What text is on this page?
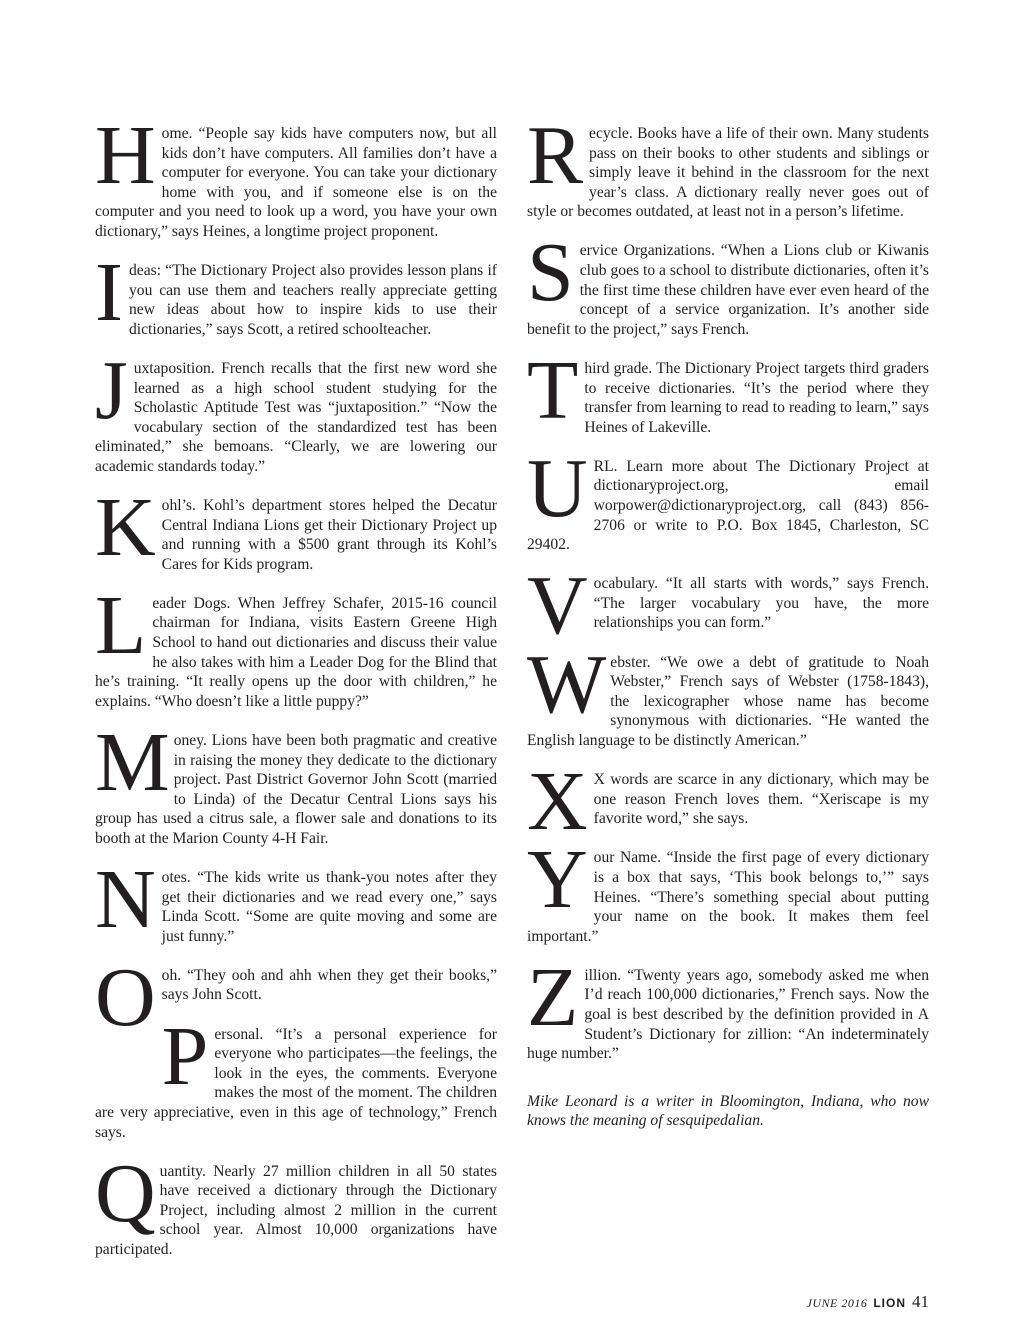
Home. “People say kids have computers now, but all kids don’t have computers. All families don’t have a computer for everyone. You can take your dictionary home with you, and if someone else is on the computer and you need to look up a word, you have your own dictionary,” says Heines, a longtime project proponent.

Ideas: “The Dictionary Project also provides lesson plans if you can use them and teachers really appreciate getting new ideas about how to inspire kids to use their dictionaries,” says Scott, a retired schoolteacher.

Juxtaposition. French recalls that the first new word she learned as a high school student studying for the Scholastic Aptitude Test was “juxtaposition.” “Now the vocabulary section of the standardized test has been eliminated,” she bemoans. “Clearly, we are lowering our academic standards today.”

Kohl’s. Kohl’s department stores helped the Decatur Central Indiana Lions get their Dictionary Project up and running with a $500 grant through its Kohl’s Cares for Kids program.

Leader Dogs. When Jeffrey Schafer, 2015-16 council chairman for Indiana, visits Eastern Greene High School to hand out dictionaries and discuss their value he also takes with him a Leader Dog for the Blind that he’s training. “It really opens up the door with children,” he explains. “Who doesn’t like a little puppy?”

Money. Lions have been both pragmatic and creative in raising the money they dedicate to the dictionary project. Past District Governor John Scott (married to Linda) of the Decatur Central Lions says his group has used a citrus sale, a flower sale and donations to its booth at the Marion County 4-H Fair.

Notes. “The kids write us thank-you notes after they get their dictionaries and we read every one,” says Linda Scott. “Some are quite moving and some are just funny.”

Ooh. “They ooh and ahh when they get their books,” says John Scott.

Personal. “It’s a personal experience for everyone who participates—the feelings, the look in the eyes, the comments. Everyone makes the most of the moment. The children are very appreciative, even in this age of technology,” French says.

Quantity. Nearly 27 million children in all 50 states have received a dictionary through the Dictionary Project, including almost 2 million in the current school year. Almost 10,000 organizations have participated.

Recycle. Books have a life of their own. Many students pass on their books to other students and siblings or simply leave it behind in the classroom for the next year’s class. A dictionary really never goes out of style or becomes outdated, at least not in a person’s lifetime.

Service Organizations. “When a Lions club or Kiwanis club goes to a school to distribute dictionaries, often it’s the first time these children have ever even heard of the concept of a service organization. It’s another side benefit to the project,” says French.

Third grade. The Dictionary Project targets third graders to receive dictionaries. “It’s the period where they transfer from learning to read to reading to learn,” says Heines of Lakeville.

URL. Learn more about The Dictionary Project at dictionaryproject.org, email worpower@dictionaryproject.org, call (843) 856-2706 or write to P.O. Box 1845, Charleston, SC 29402.

Vocabulary. “It all starts with words,” says French. “The larger vocabulary you have, the more relationships you can form.”

Webster. “We owe a debt of gratitude to Noah Webster,” French says of Webster (1758-1843), the lexicographer whose name has become synonymous with dictionaries. “He wanted the English language to be distinctly American.”

X X words are scarce in any dictionary, which may be one reason French loves them. “Xeriscape is my favorite word,” she says.

Your Name. “Inside the first page of every dictionary is a box that says, ‘This book belongs to,’” says Heines. “There’s something special about putting your name on the book. It makes them feel important.”

Zillion. “Twenty years ago, somebody asked me when I’d reach 100,000 dictionaries,” French says. Now the goal is best described by the definition provided in A Student’s Dictionary for zillion: “An indeterminately huge number.”

Mike Leonard is a writer in Bloomington, Indiana, who now knows the meaning of sesquipedalian.

JUNE 2016 LION 41
